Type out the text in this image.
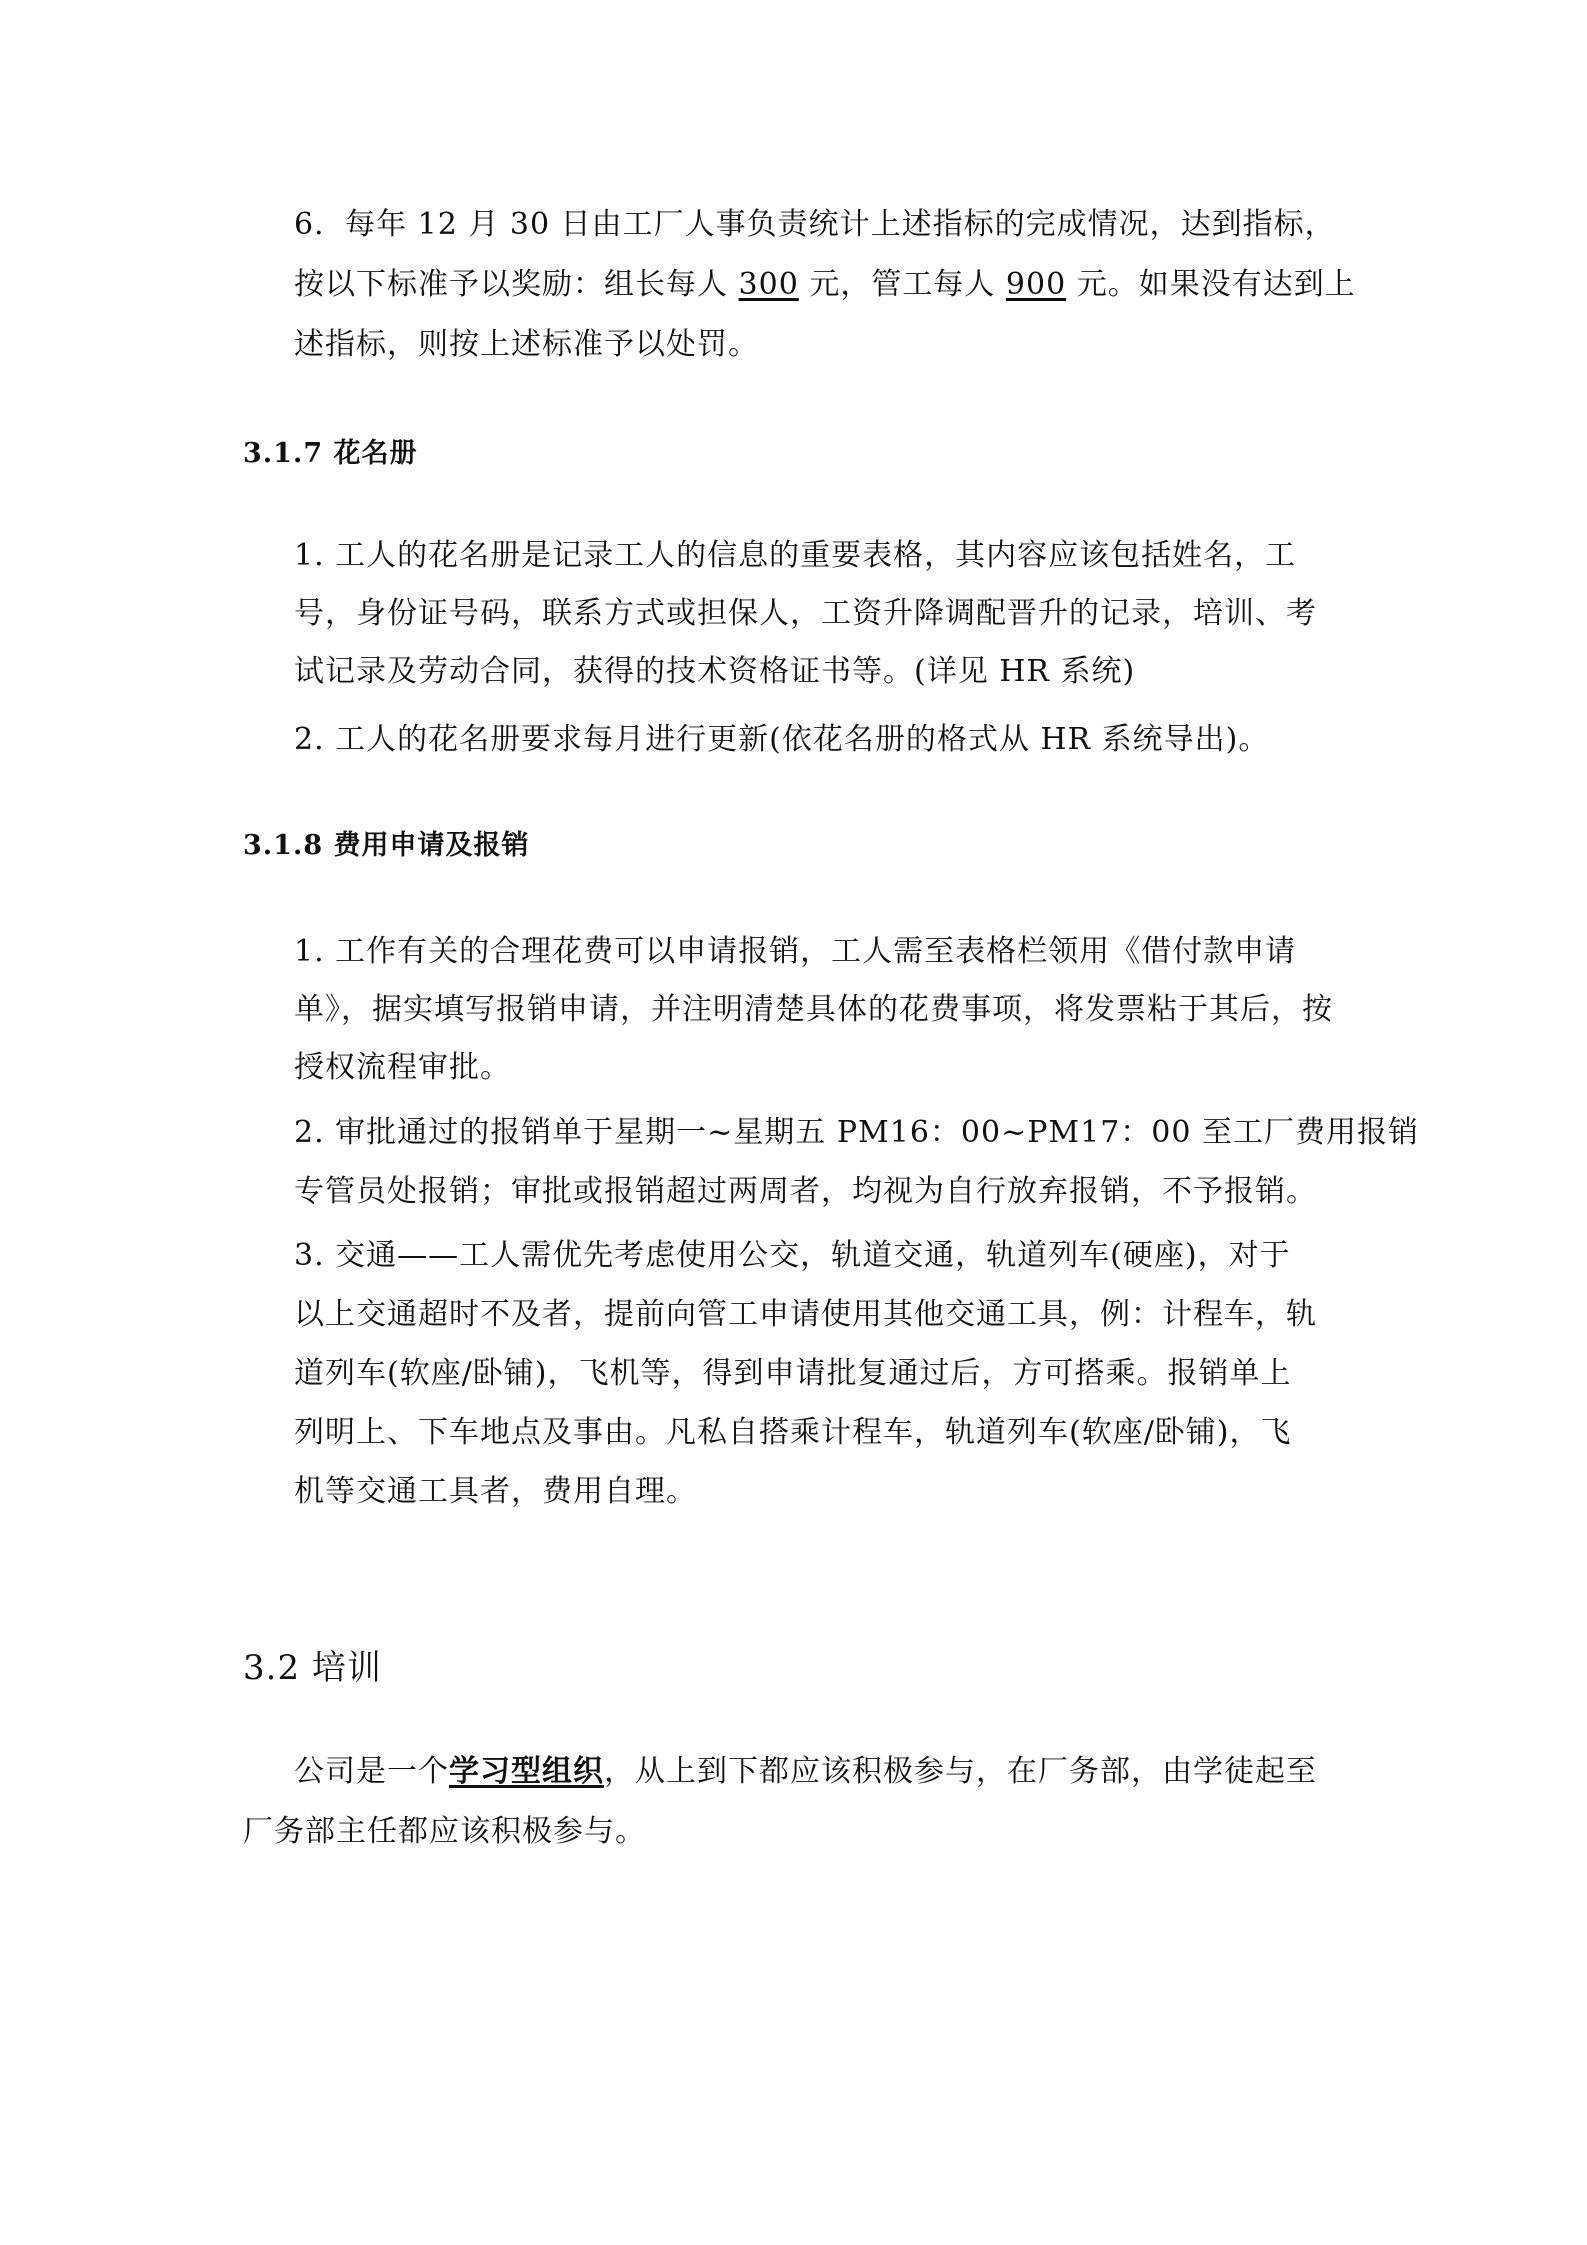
6．每年 12 月 30 日由工厂人事负责统计上述指标的完成情况，达到指标，
按以下标准予以奖励：组长每人 300 元，管工每人 900 元。如果没有达到上
述指标，则按上述标准予以处罚。
3.1.7 花名册
1. 工人的花名册是记录工人的信息的重要表格，其内容应该包括姓名，工
号，身份证号码，联系方式或担保人，工资升降调配晋升的记录，培训、考
试记录及劳动合同，获得的技术资格证书等。(详见 HR 系统)
2. 工人的花名册要求每月进行更新(依花名册的格式从 HR 系统导出)。
3.1.8 费用申请及报销
1. 工作有关的合理花费可以申请报销，工人需至表格栏领用《借付款申请
单》，据实填写报销申请，并注明清楚具体的花费事项，将发票粘于其后，按
授权流程审批。
2. 审批通过的报销单于星期一~星期五 PM16：00~PM17：00 至工厂费用报销
专管员处报销；审批或报销超过两周者，均视为自行放弃报销，不予报销。
3. 交通——工人需优先考虑使用公交，轨道交通，轨道列车(硬座)，对于
以上交通超时不及者，提前向管工申请使用其他交通工具，例：计程车，轨
道列车(软座/卧铺)，飞机等，得到申请批复通过后，方可搭乘。报销单上
列明上、下车地点及事由。凡私自搭乘计程车，轨道列车(软座/卧铺)，飞
机等交通工具者，费用自理。
3.2 培训
公司是一个学习型组织，从上到下都应该积极参与，在厂务部，由学徒起至
厂务部主任都应该积极参与。
